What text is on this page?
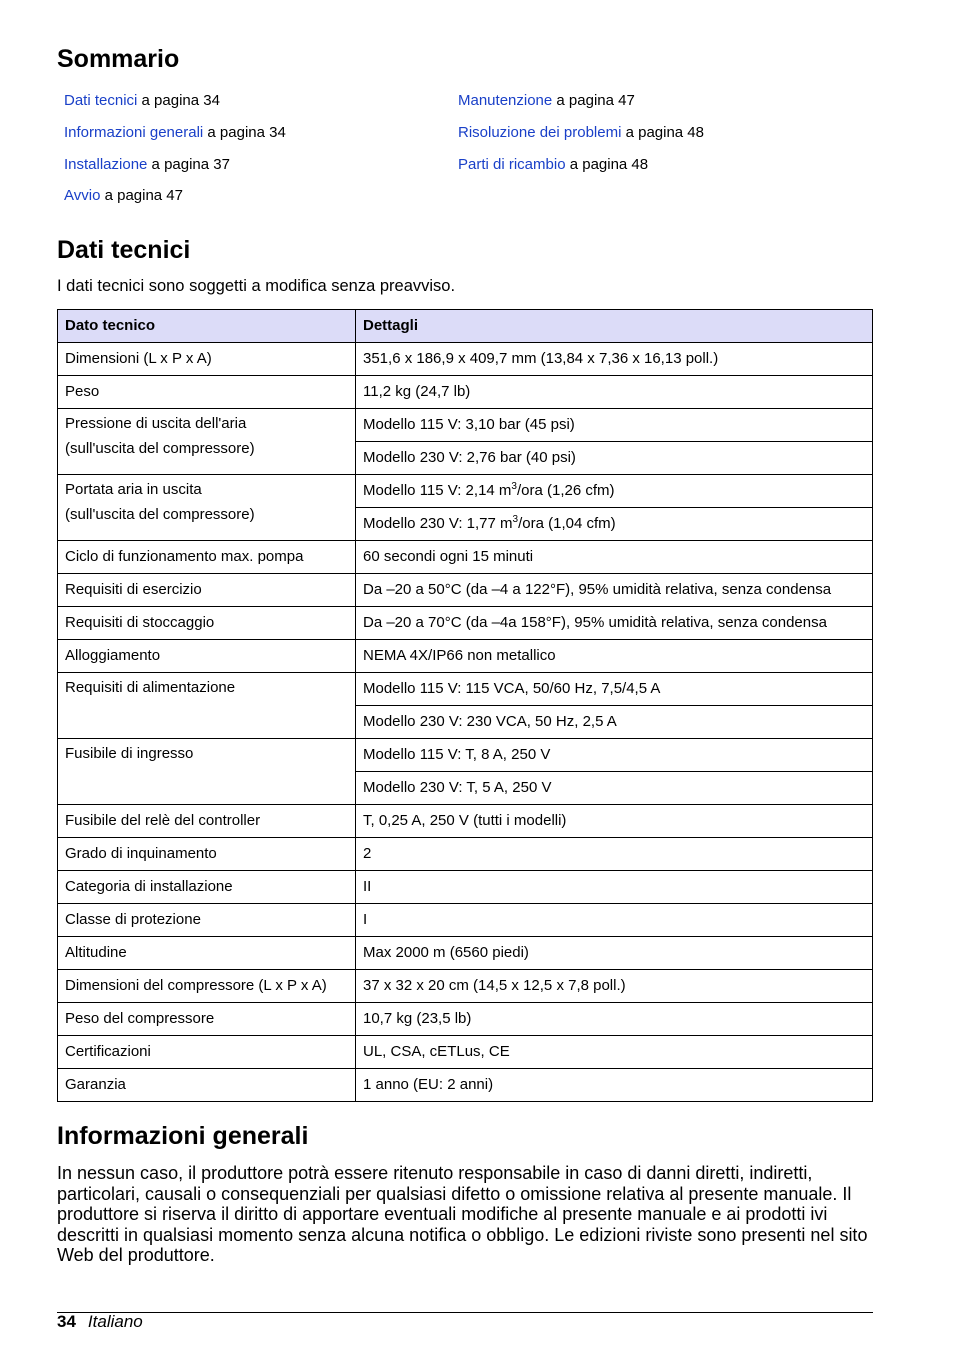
Sommario
Dati tecnici a pagina 34
Informazioni generali a pagina 34
Installazione a pagina 37
Avvio a pagina 47
Manutenzione a pagina 47
Risoluzione dei problemi a pagina 48
Parti di ricambio a pagina 48
Dati tecnici
I dati tecnici sono soggetti a modifica senza preavviso.
Dato tecnico	Dettagli
Dimensioni (L x P x A)	351,6 x 186,9 x 409,7 mm (13,84 x 7,36 x 16,13 poll.)
Peso	11,2 kg (24,7 lb)
Pressione di uscita dell'aria
(sull'uscita del compressore)	Modello 115 V: 3,10 bar (45 psi)
	Modello 230 V: 2,76 bar (40 psi)
Portata aria in uscita
(sull'uscita del compressore)	Modello 115 V: 2,14 $m^3$/ora (1,26 cfm)
	Modello 230 V: 1,77 $m^3$/ora (1,04 cfm)
Ciclo di funzionamento max. pompa	60 secondi ogni 15 minuti
Requisiti di esercizio	Da –20 a 50°C (da –4 a 122°F), 95% umidità relativa, senza condensa
Requisiti di stoccaggio	Da –20 a 70°C (da –4a 158°F), 95% umidità relativa, senza condensa
Alloggiamento	NEMA 4X/IP66 non metallico
Requisiti di alimentazione	Modello 115 V: 115 VCA, 50/60 Hz, 7,5/4,5 A
	Modello 230 V: 230 VCA, 50 Hz, 2,5 A
Fusibile di ingresso	Modello 115 V: T, 8 A, 250 V
	Modello 230 V: T, 5 A, 250 V
Fusibile del relè del controller	T, 0,25 A, 250 V (tutti i modelli)
Grado di inquinamento	2
Categoria di installazione	II
Classe di protezione	I
Altitudine	Max 2000 m (6560 piedi)
Dimensioni del compressore (L x P x A)	37 x 32 x 20 cm (14,5 x 12,5 x 7,8 poll.)
Peso del compressore	10,7 kg (23,5 lb)
Certificazioni	UL, CSA, cETLus, CE
Garanzia	1 anno (EU: 2 anni)
Informazioni generali
In nessun caso, il produttore potrà essere ritenuto responsabile in caso di danni diretti, indiretti, particolari, causali o consequenziali per qualsiasi difetto o omissione relativa al presente manuale. Il produttore si riserva il diritto di apportare eventuali modifiche al presente manuale e ai prodotti ivi descritti in qualsiasi momento senza alcuna notifica o obbligo. Le edizioni riviste sono presenti nel sito Web del produttore.
34 Italiano
